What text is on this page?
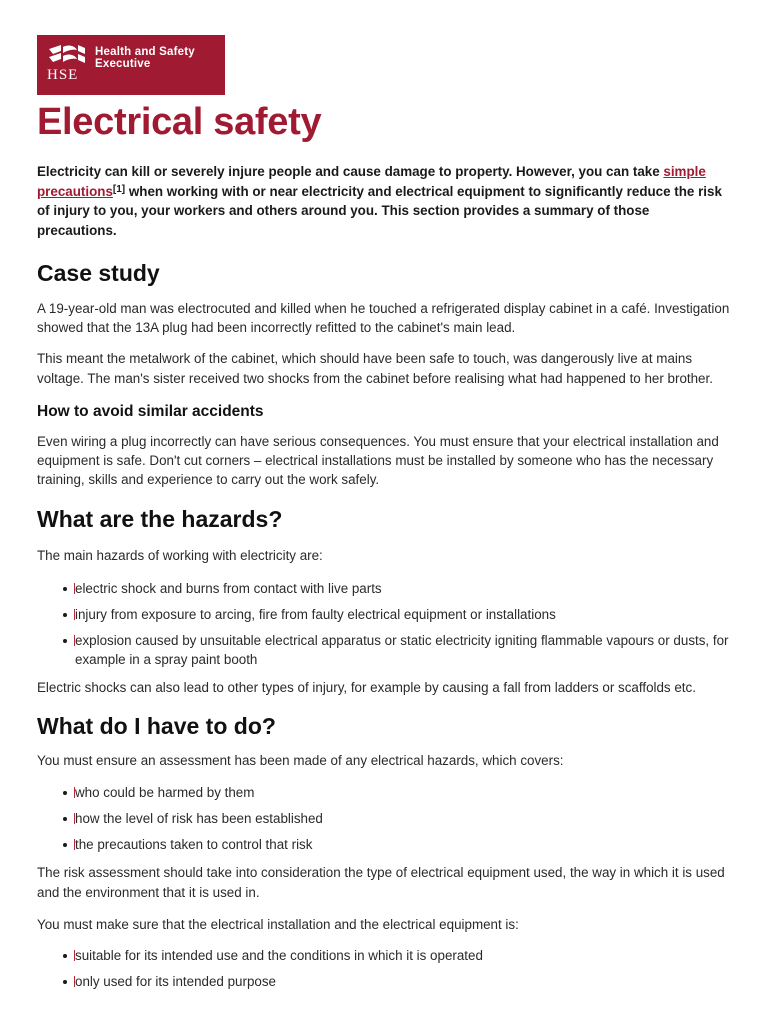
HSE
Health and Safety
Executive
Electrical safety

Electricity can kill or severely injure people and cause damage to property. However, you can take simple precautions[1] when working with or near electricity and electrical equipment to significantly reduce the risk of injury to you, your workers and others around you. This section provides a summary of those precautions.

Case study

A 19-year-old man was electrocuted and killed when he touched a refrigerated display cabinet in a café. Investigation showed that the 13A plug had been incorrectly refitted to the cabinet's main lead.

This meant the metalwork of the cabinet, which should have been safe to touch, was dangerously live at mains voltage. The man's sister received two shocks from the cabinet before realising what had happened to her brother.

How to avoid similar accidents

Even wiring a plug incorrectly can have serious consequences. You must ensure that your electrical installation and equipment is safe. Don't cut corners – electrical installations must be installed by someone who has the necessary training, skills and experience to carry out the work safely.

What are the hazards?

The main hazards of working with electricity are:

electric shock and burns from contact with live parts
injury from exposure to arcing, fire from faulty electrical equipment or installations
explosion caused by unsuitable electrical apparatus or static electricity igniting flammable vapours or dusts, for example in a spray paint booth

Electric shocks can also lead to other types of injury, for example by causing a fall from ladders or scaffolds etc.

What do I have to do?

You must ensure an assessment has been made of any electrical hazards, which covers:

who could be harmed by them
how the level of risk has been established
the precautions taken to control that risk

The risk assessment should take into consideration the type of electrical equipment used, the way in which it is used and the environment that it is used in.

You must make sure that the electrical installation and the electrical equipment is:

suitable for its intended use and the conditions in which it is operated
only used for its intended purpose
